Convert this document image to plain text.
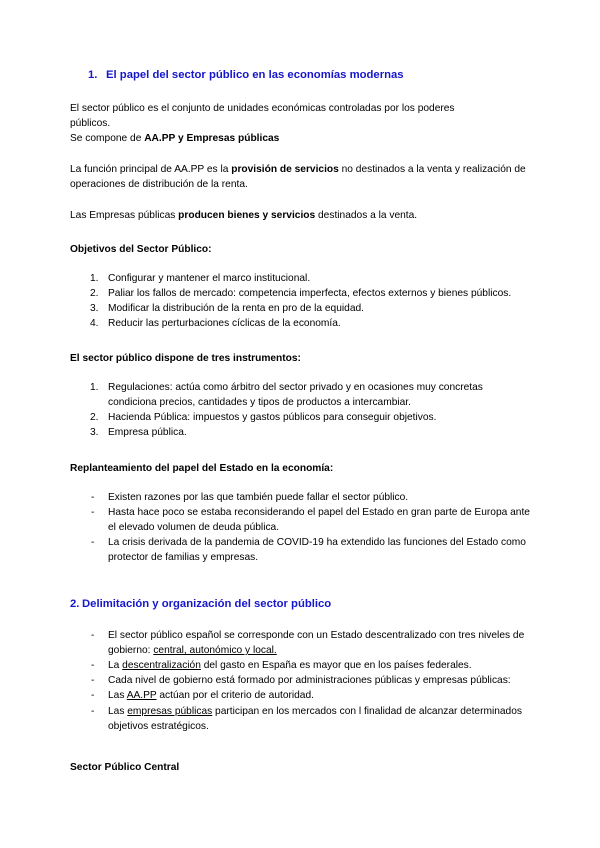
1. El papel del sector público en las economías modernas

El sector público es el conjunto de unidades económicas controladas por los poderes
públicos.
Se compone de AA.PP y Empresas públicas

La función principal de AA.PP es la provisión de servicios no destinados a la venta y realización de operaciones de distribución de la renta.

Las Empresas públicas producen bienes y servicios destinados a la venta.

Objetivos del Sector Público:

1. Configurar y mantener el marco institucional.
2. Paliar los fallos de mercado: competencia imperfecta, efectos externos y bienes públicos.
3. Modificar la distribución de la renta en pro de la equidad.
4. Reducir las perturbaciones cíclicas de la economía.

El sector público dispone de tres instrumentos:

1. Regulaciones: actúa como árbitro del sector privado y en ocasiones muy concretas condiciona precios, cantidades y tipos de productos a intercambiar.
2. Hacienda Pública: impuestos y gastos públicos para conseguir objetivos.
3. Empresa pública.

Replanteamiento del papel del Estado en la economía:

-	Existen razones por las que también puede fallar el sector público.
-	Hasta hace poco se estaba reconsiderando el papel del Estado en gran parte de Europa ante el elevado volumen de deuda pública.
-	La crisis derivada de la pandemia de COVID-19 ha extendido las funciones del Estado como protector de familias y empresas.
2. Delimitación y organización del sector público
-	El sector público español se corresponde con un Estado descentralizado con tres niveles de gobierno: central, autonómico y local.
-	La descentralización del gasto en España es mayor que en los países federales.
-	Cada nivel de gobierno está formado por administraciones públicas y empresas públicas:
-	Las AA.PP actúan por el criterio de autoridad.
-	Las empresas públicas participan en los mercados con l finalidad de alcanzar determinados objetivos estratégicos.

Sector Público Central
